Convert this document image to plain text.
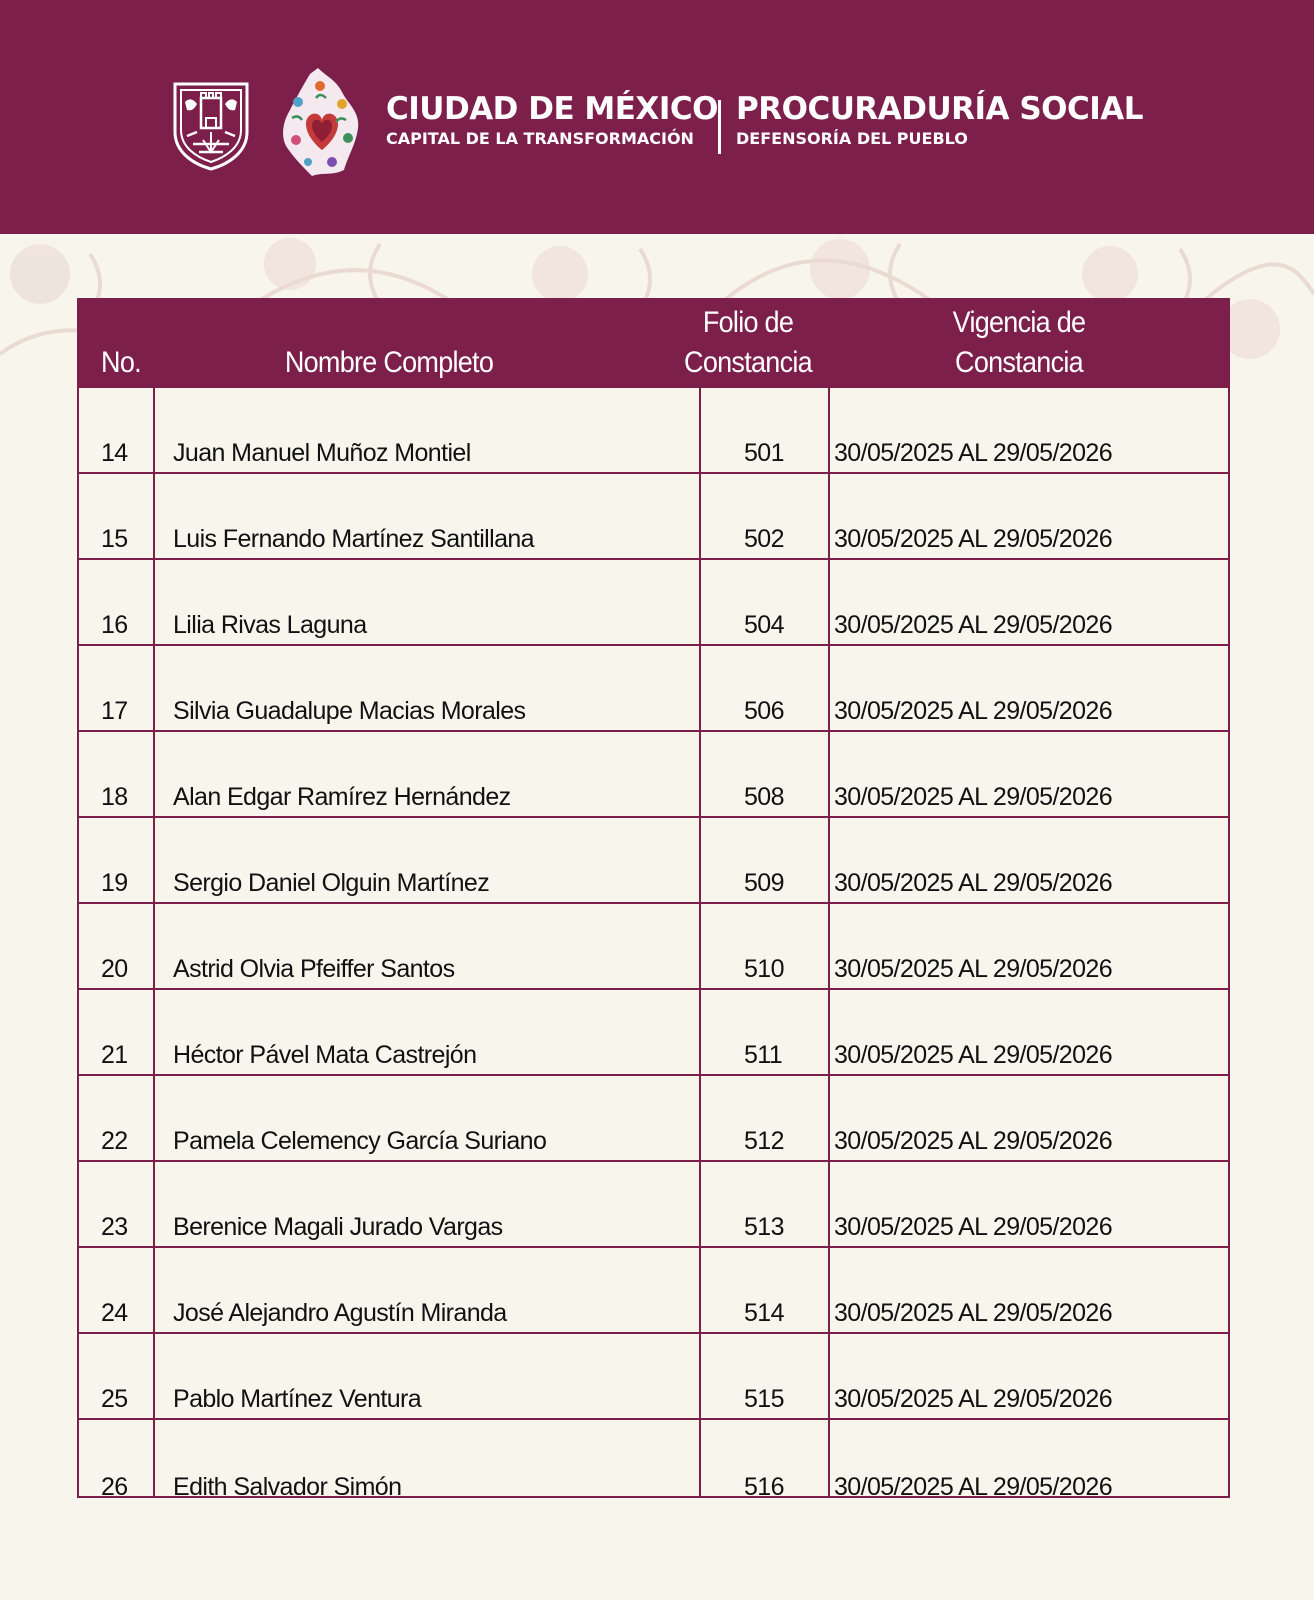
CIUDAD DE MÉXICO
CAPITAL DE LA TRANSFORMACIÓN
PROCURADURÍA SOCIAL
DEFENSORÍA DEL PUEBLO
No.	Nombre Completo
Folio de
Constancia
Vigencia de
Constancia
14 Juan Manuel Muñoz Montiel	501 30/05/2025 AL 29/05/2026
15 Luis Fernando Martínez Santillana	502 30/05/2025 AL 29/05/2026
16 Lilia Rivas Laguna	504 30/05/2025 AL 29/05/2026
17 Silvia Guadalupe Macias Morales	506 30/05/2025 AL 29/05/2026
18 Alan Edgar Ramírez Hernández	508 30/05/2025 AL 29/05/2026
19 Sergio Daniel Olguin Martínez	509 30/05/2025 AL 29/05/2026
20 Astrid Olvia Pfeiffer Santos	510 30/05/2025 AL 29/05/2026
21 Héctor Pável Mata Castrejón	511 30/05/2025 AL 29/05/2026
22 Pamela Celemency García Suriano	512 30/05/2025 AL 29/05/2026
23 Berenice Magali Jurado Vargas	513 30/05/2025 AL 29/05/2026
24 José Alejandro Agustín Miranda	514 30/05/2025 AL 29/05/2026
25 Pablo Martínez Ventura	515 30/05/2025 AL 29/05/2026
26 Edith Salvador Simón	516 30/05/2025 AL 29/05/2026
